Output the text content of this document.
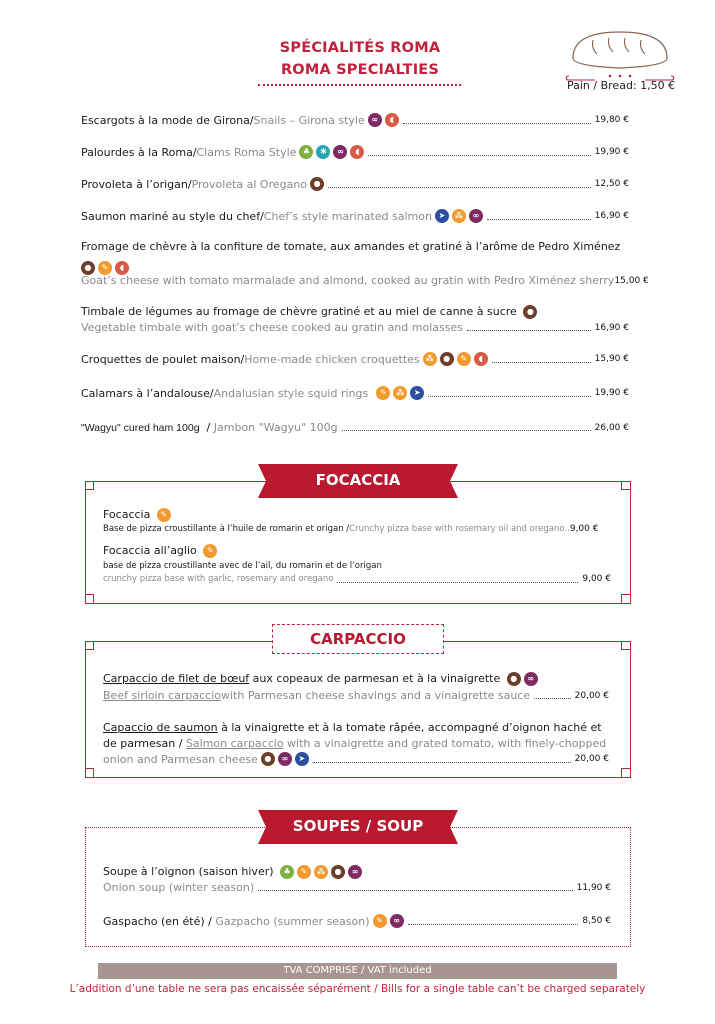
SPÉCIALITÉS ROMA
ROMA SPECIALTIES
Pain / Bread: 1,50 €
Escargots à la mode de Girona / Snails – Girona style ∞	◖	19,80 €
Palourdes à la Roma / Clams Roma Style ♣	✱	∞	◖	19,90 €
Provoleta à l’origan / Provoleta al Oregano ●	12,50 €
Saumon mariné au style du chef / Chef’s style marinated salmon ➤	⁂	∞	16,90 €
Fromage de chèvre à la confiture de tomate, aux amandes et gratiné à l’arôme de Pedro Ximénez
● ✎ ◖
Goat’s cheese with tomato marmalade and almond, cooked au gratin with Pedro Ximénez sherry 15,00 €
Timbale de légumes au fromage de chèvre gratiné et au miel de canne à sucre ●
Vegetable timbale with goat’s cheese cooked au gratin and molasses	16,90 €
Croquettes de poulet maison / Home-made chicken croquettes ⁂	●	✎	◖	15,90 €
Calamars à l’andalouse / Andalusian style squid rings	✎	⁂	➤	19,90 €
"Wagyu" cured ham 100g / Jambon "Wagyu" 100g	26,00 €
FOCACCIA
Focaccia ✎
Base de pizza croustillante à l’huile de romarin et origan / Crunchy pizza base with rosemary oil and oregano.. 9,00 €
Focaccia all’aglio ✎
base de pizza croustillante avec de l’ail, du romarin et de l’origan
crunchy pizza base with garlic, rosemary and oregano	9,00 €
CARPACCIO
Carpaccio de filet de bœuf aux copeaux de parmesan et à la vinaigrette ● ∞
Beef sirloin carpaccio with Parmesan cheese shavings and a vinaigrette sauce	20,00 €
Capaccio de saumon à la vinaigrette et à la tomate râpée, accompagné d’oignon haché et
de parmesan / Salmon carpaccio with a vinaigrette and grated tomato, with finely-chopped
onion and Parmesan cheese ●	∞	➤	20,00 €
SOUPES / SOUP
Soupe à l’oignon (saison hiver) ♣ ✎ ⁂ ● ∞
Onion soup (winter season)	11,90 €
Gaspacho (en été) / Gazpacho (summer season) ✎	∞	8,50 €
TVA COMPRISE / VAT included
L’addition d’une table ne sera pas encaissée séparément / Bills for a single table can’t be charged separately
